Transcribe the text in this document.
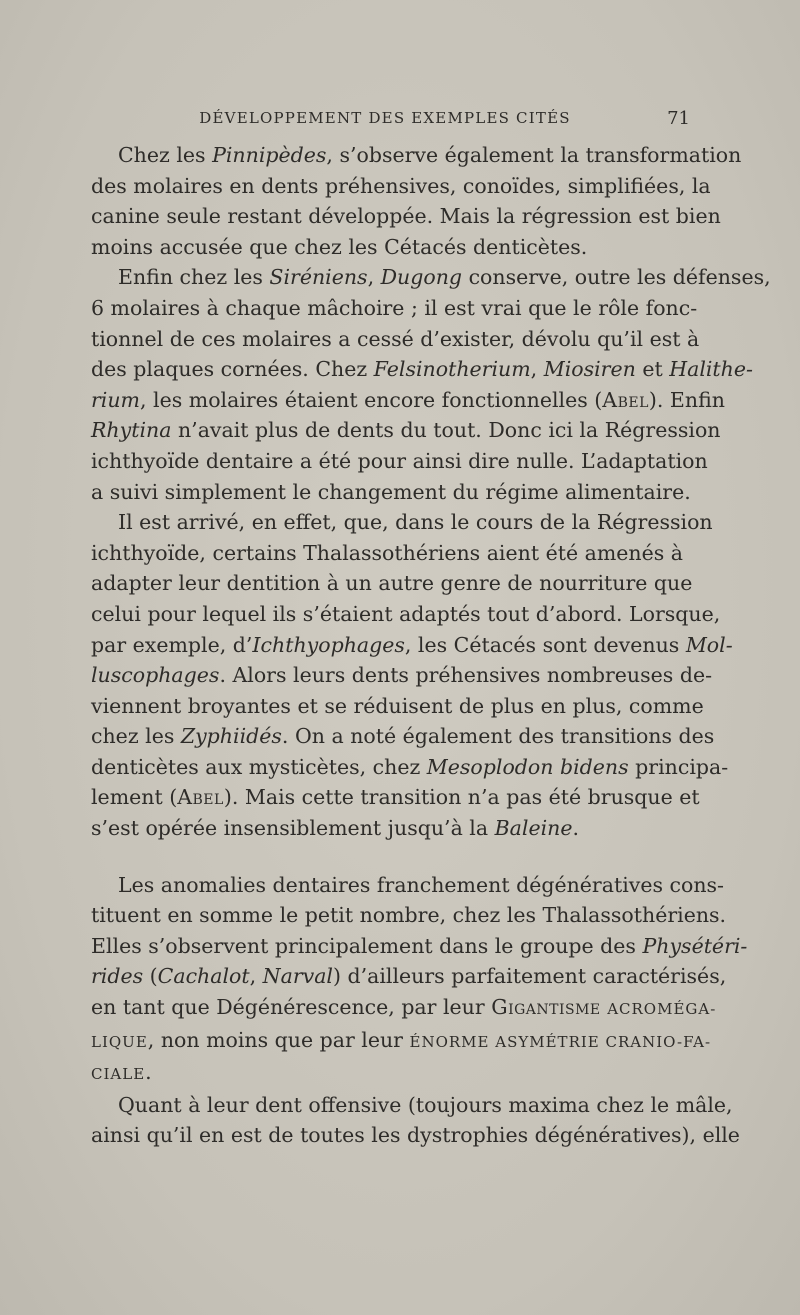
DÉVELOPPEMENT DES EXEMPLES CITÉS	71
Chez les Pinnipèdes, s’observe également la transformation
des molaires en dents préhensives, conoïdes, simplifiées, la
canine seule restant développée. Mais la régression est bien
moins accusée que chez les Cétacés denticètes.
Enfin chez les Siréniens, Dugong conserve, outre les défenses,
6 molaires à chaque mâchoire ; il est vrai que le rôle fonc-
tionnel de ces molaires a cessé d’exister, dévolu qu’il est à
des plaques cornées. Chez Felsinotherium, Miosiren et Halithe-
rium, les molaires étaient encore fonctionnelles (Abel). Enfin
Rhytina n’avait plus de dents du tout. Donc ici la Régression
ichthyoïde dentaire a été pour ainsi dire nulle. L’adaptation
a suivi simplement le changement du régime alimentaire.
Il est arrivé, en effet, que, dans le cours de la Régression
ichthyoïde, certains Thalassothériens aient été amenés à
adapter leur dentition à un autre genre de nourriture que
celui pour lequel ils s’étaient adaptés tout d’abord. Lorsque,
par exemple, d’Ichthyophages, les Cétacés sont devenus Mol-
luscophages. Alors leurs dents préhensives nombreuses de-
viennent broyantes et se réduisent de plus en plus, comme
chez les Zyphiidés. On a noté également des transitions des
denticètes aux mysticètes, chez Mesoplodon bidens principa-
lement (Abel). Mais cette transition n’a pas été brusque et
s’est opérée insensiblement jusqu’à la Baleine.
Les anomalies dentaires franchement dégénératives cons-
tituent en somme le petit nombre, chez les Thalassothériens.
Elles s’observent principalement dans le groupe des Physétéri-
rides (Cachalot, Narval) d’ailleurs parfaitement caractérisés,
en tant que Dégénérescence, par leur Gigantisme ACROMÉGA-
LIQUE, non moins que par leur ÉNORME ASYMÉTRIE CRANIO-FA-
CIALE.
Quant à leur dent offensive (toujours maxima chez le mâle,
ainsi qu’il en est de toutes les dystrophies dégénératives), elle
